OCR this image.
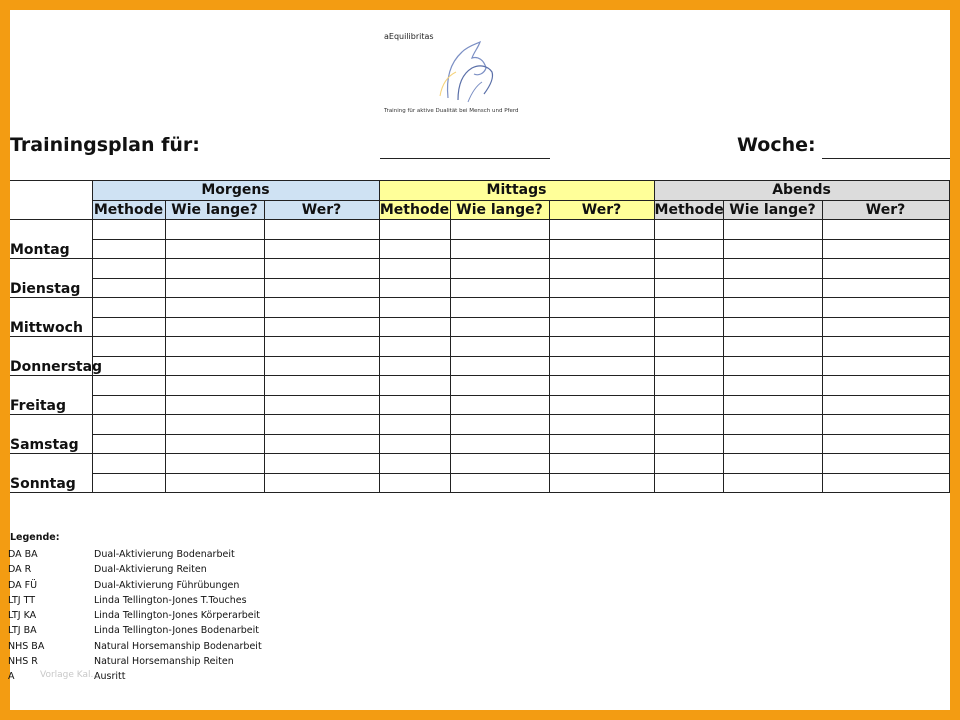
aEquilibritas
Training für aktive Dualität bei Mensch und Pferd
Trainingsplan für:	Woche:
	Morgens			Mittags			Abends		
	Methode	Wie lange?	Wer?	Methode	Wie lange?	Wer?	Methode	Wie lange?	Wer?

Montag									

Dienstag									

Mittwoch									

Donnerstag									

Freitag									

Samstag									

Sonntag									
Legende:
DA BA	Dual-Aktivierung Bodenarbeit
DA R	Dual-Aktivierung Reiten
DA FÜ	Dual-Aktivierung Führübungen
LTJ TT	Linda Tellington-Jones T.Touches
LTJ KA	Linda Tellington-Jones Körperarbeit
LTJ BA	Linda Tellington-Jones Bodenarbeit
NHS BA	Natural Horsemanship Bodenarbeit
NHS R	Natural Horsemanship Reiten
A	Ausritt
Vorlage Kal...
